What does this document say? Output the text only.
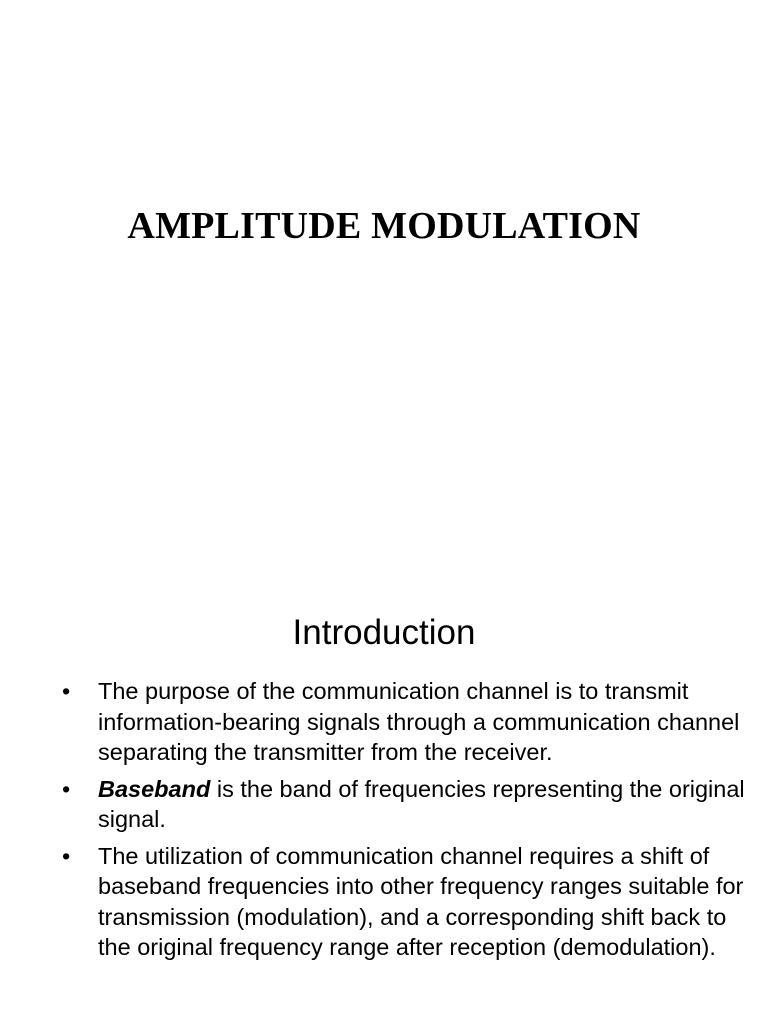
AMPLITUDE MODULATION
Introduction
• The purpose of the communication channel is to transmit information-bearing signals through a communication channel separating the transmitter from the receiver.
• Baseband is the band of frequencies representing the original signal.
• The utilization of communication channel requires a shift of baseband frequencies into other frequency ranges suitable for transmission (modulation), and a corresponding shift back to the original frequency range after reception (demodulation).
